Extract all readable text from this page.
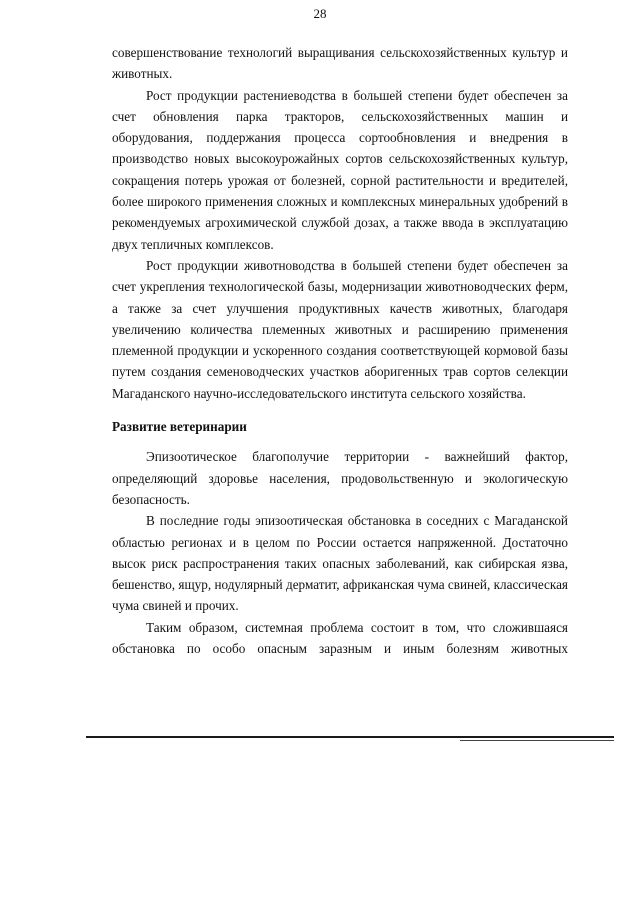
28

совершенствование технологий выращивания сельскохозяйственных культур и животных.

Рост продукции растениеводства в большей степени будет обеспечен за счет обновления парка тракторов, сельскохозяйственных машин и оборудования, поддержания процесса сортообновления и внедрения в производство новых высокоурожайных сортов сельскохозяйственных культур, сокращения потерь урожая от болезней, сорной растительности и вредителей, более широкого применения сложных и комплексных минеральных удобрений в рекомендуемых агрохимической службой дозах, а также ввода в эксплуатацию двух тепличных комплексов.

Рост продукции животноводства в большей степени будет обеспечен за счет укрепления технологической базы, модернизации животноводческих ферм, а также за счет улучшения продуктивных качеств животных, благодаря увеличению количества племенных животных и расширению применения племенной продукции и ускоренного создания соответствующей кормовой базы путем создания семеноводческих участков аборигенных трав сортов селекции Магаданского научно-исследовательского института сельского хозяйства.

Развитие ветеринарии

Эпизоотическое благополучие территории - важнейший фактор, определяющий здоровье населения, продовольственную и экологическую безопасность.

В последние годы эпизоотическая обстановка в соседних с Магаданской областью регионах и в целом по России остается напряженной. Достаточно высок риск распространения таких опасных заболеваний, как сибирская язва, бешенство, ящур, нодулярный дерматит, африканская чума свиней, классическая чума свиней и прочих.

Таким образом, системная проблема состоит в том, что сложившаяся обстановка по особо опасным заразным и иным болезням животных
